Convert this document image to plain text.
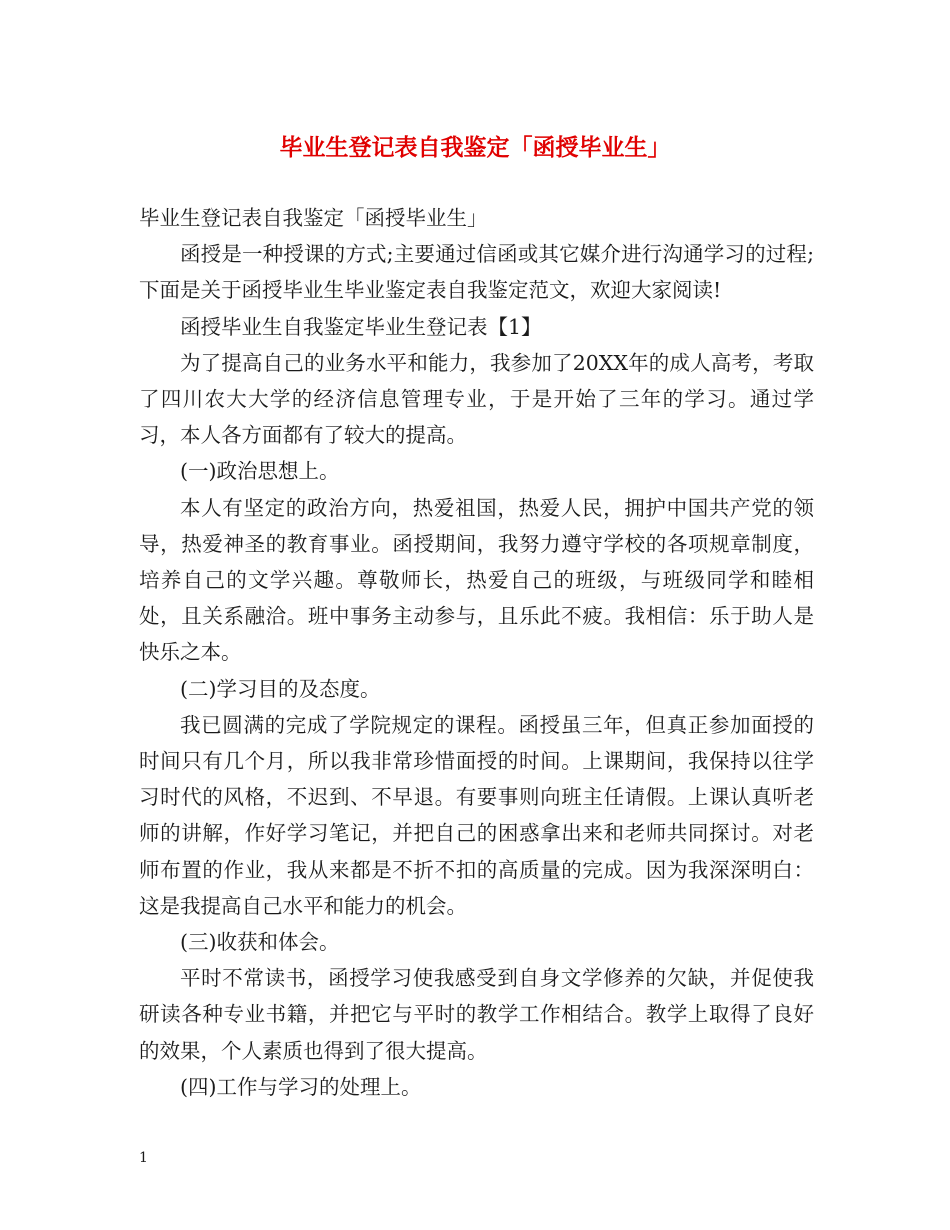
毕业生登记表自我鉴定「函授毕业生」

毕业生登记表自我鉴定「函授毕业生」

函授是一种授课的方式;主要通过信函或其它媒介进行沟通学习的过程;下面是关于函授毕业生毕业鉴定表自我鉴定范文，欢迎大家阅读!

函授毕业生自我鉴定毕业生登记表【1】

为了提高自己的业务水平和能力，我参加了20XX年的成人高考，考取了四川农大大学的经济信息管理专业，于是开始了三年的学习。通过学习，本人各方面都有了较大的提高。

(一)政治思想上。

本人有坚定的政治方向，热爱祖国，热爱人民，拥护中国共产党的领导，热爱神圣的教育事业。函授期间，我努力遵守学校的各项规章制度，培养自己的文学兴趣。尊敬师长，热爱自己的班级，与班级同学和睦相处，且关系融洽。班中事务主动参与，且乐此不疲。我相信：乐于助人是快乐之本。

(二)学习目的及态度。

我已圆满的完成了学院规定的课程。函授虽三年，但真正参加面授的时间只有几个月，所以我非常珍惜面授的时间。上课期间，我保持以往学习时代的风格，不迟到、不早退。有要事则向班主任请假。上课认真听老师的讲解，作好学习笔记，并把自己的困惑拿出来和老师共同探讨。对老师布置的作业，我从来都是不折不扣的高质量的完成。因为我深深明白：这是我提高自己水平和能力的机会。

(三)收获和体会。

平时不常读书，函授学习使我感受到自身文学修养的欠缺，并促使我研读各种专业书籍，并把它与平时的教学工作相结合。教学上取得了良好的效果，个人素质也得到了很大提高。

(四)工作与学习的处理上。

1
